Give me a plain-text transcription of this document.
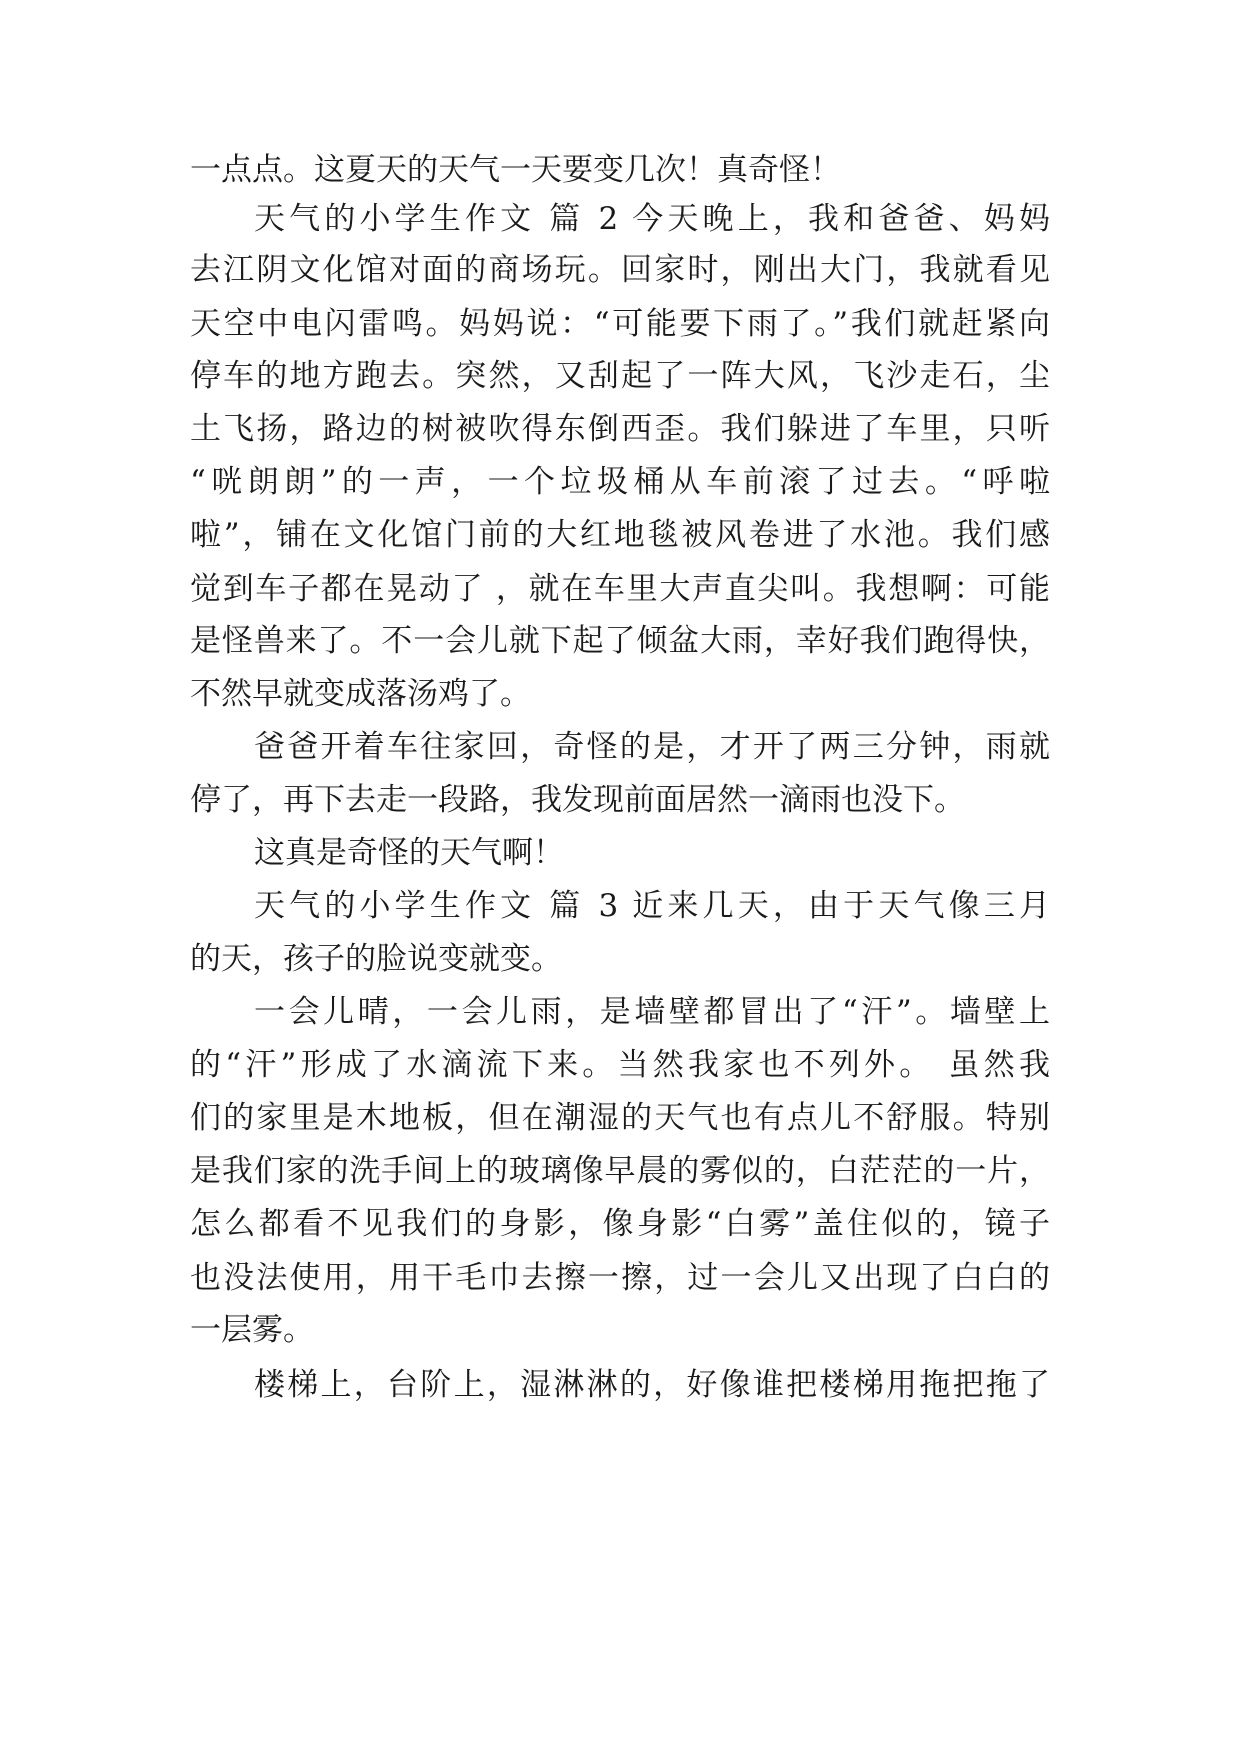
一点点。这夏天的天气一天要变几次！真奇怪！
天气的小学生作文 篇 2 今天晚上，我和爸爸、妈妈
去江阴文化馆对面的商场玩。回家时，刚出大门，我就看见
天空中电闪雷鸣。妈妈说：“可能要下雨了。”我们就赶紧向
停车的地方跑去。突然，又刮起了一阵大风，飞沙走石，尘
土飞扬，路边的树被吹得东倒西歪。我们躲进了车里，只听
“咣朗朗”的一声，一个垃圾桶从车前滚了过去。“呼啦
啦”，铺在文化馆门前的大红地毯被风卷进了水池。我们感
觉到车子都在晃动了 ，就在车里大声直尖叫。我想啊：可能
是怪兽来了。不一会儿就下起了倾盆大雨，幸好我们跑得快，
不然早就变成落汤鸡了。
爸爸开着车往家回，奇怪的是，才开了两三分钟，雨就
停了，再下去走一段路，我发现前面居然一滴雨也没下。
这真是奇怪的天气啊！
天气的小学生作文 篇 3 近来几天，由于天气像三月
的天，孩子的脸说变就变。
一会儿晴，一会儿雨，是墙壁都冒出了“汗”。墙壁上
的“汗”形成了水滴流下来。当然我家也不列外。 虽然我
们的家里是木地板，但在潮湿的天气也有点儿不舒服。特别
是我们家的洗手间上的玻璃像早晨的雾似的，白茫茫的一片，
怎么都看不见我们的身影，像身影“白雾”盖住似的，镜子
也没法使用，用干毛巾去擦一擦，过一会儿又出现了白白的
一层雾。
楼梯上，台阶上，湿淋淋的，好像谁把楼梯用拖把拖了
